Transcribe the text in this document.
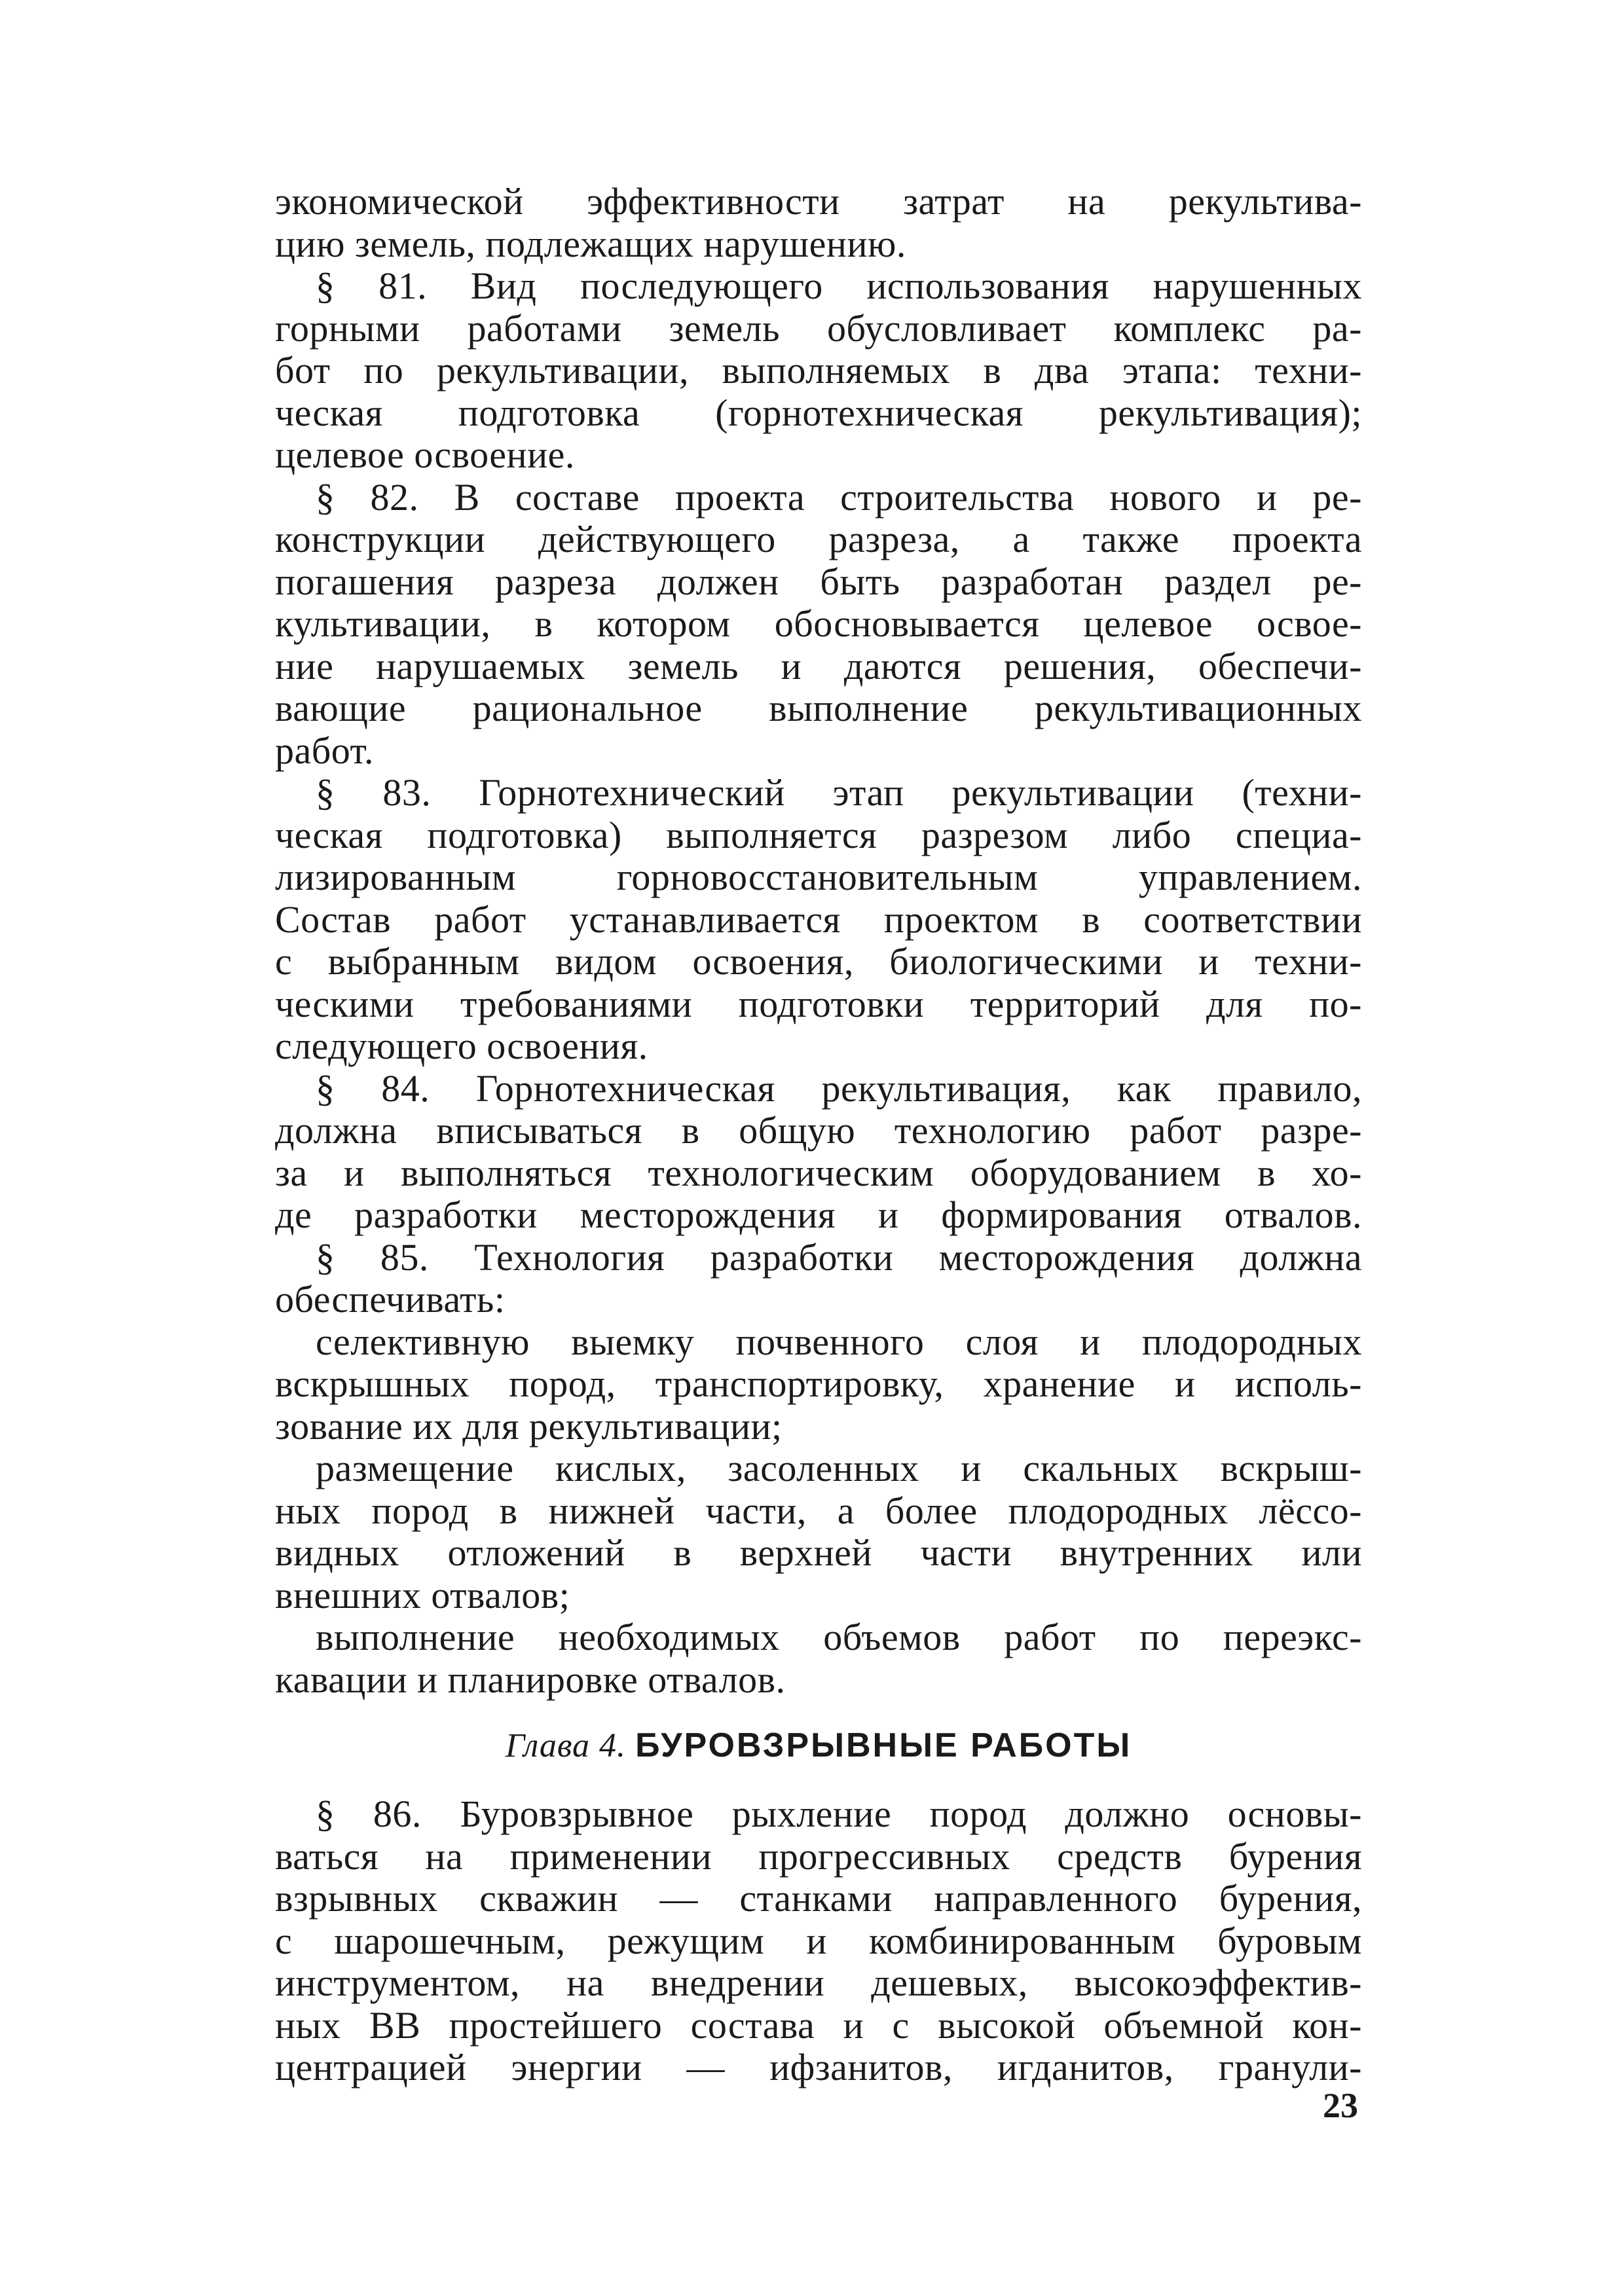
экономической эффективности затрат на рекультива-
цию земель, подлежащих нарушению.
§ 81. Вид последующего использования нарушенных
горными работами земель обусловливает комплекс ра-
бот по рекультивации, выполняемых в два этапа: техни-
ческая подготовка (горнотехническая рекультивация);
целевое освоение.
§ 82. В составе проекта строительства нового и ре-
конструкции действующего разреза, а также проекта
погашения разреза должен быть разработан раздел ре-
культивации, в котором обосновывается целевое освое-
ние нарушаемых земель и даются решения, обеспечи-
вающие рациональное выполнение рекультивационных
работ.
§ 83. Горнотехнический этап рекультивации (техни-
ческая подготовка) выполняется разрезом либо специа-
лизированным горновосстановительным управлением.
Состав работ устанавливается проектом в соответствии
с выбранным видом освоения, биологическими и техни-
ческими требованиями подготовки территорий для по-
следующего освоения.
§ 84. Горнотехническая рекультивация, как правило,
должна вписываться в общую технологию работ разре-
за и выполняться технологическим оборудованием в хо-
де разработки месторождения и формирования отвалов.
§ 85. Технология разработки месторождения должна
обеспечивать:
селективную выемку почвенного слоя и плодородных
вскрышных пород, транспортировку, хранение и исполь-
зование их для рекультивации;
размещение кислых, засоленных и скальных вскрыш-
ных пород в нижней части, а более плодородных лёссо-
видных отложений в верхней части внутренних или
внешних отвалов;
выполнение необходимых объемов работ по переэкс-
кавации и планировке отвалов.
Глава 4. БУРОВЗРЫВНЫЕ РАБОТЫ
§ 86. Буровзрывное рыхление пород должно основы-
ваться на применении прогрессивных средств бурения
взрывных скважин — станками направленного бурения,
с шарошечным, режущим и комбинированным буровым
инструментом, на внедрении дешевых, высокоэффектив-
ных ВВ простейшего состава и с высокой объемной кон-
центрацией энергии — ифзанитов, игданитов, гранули-
23
